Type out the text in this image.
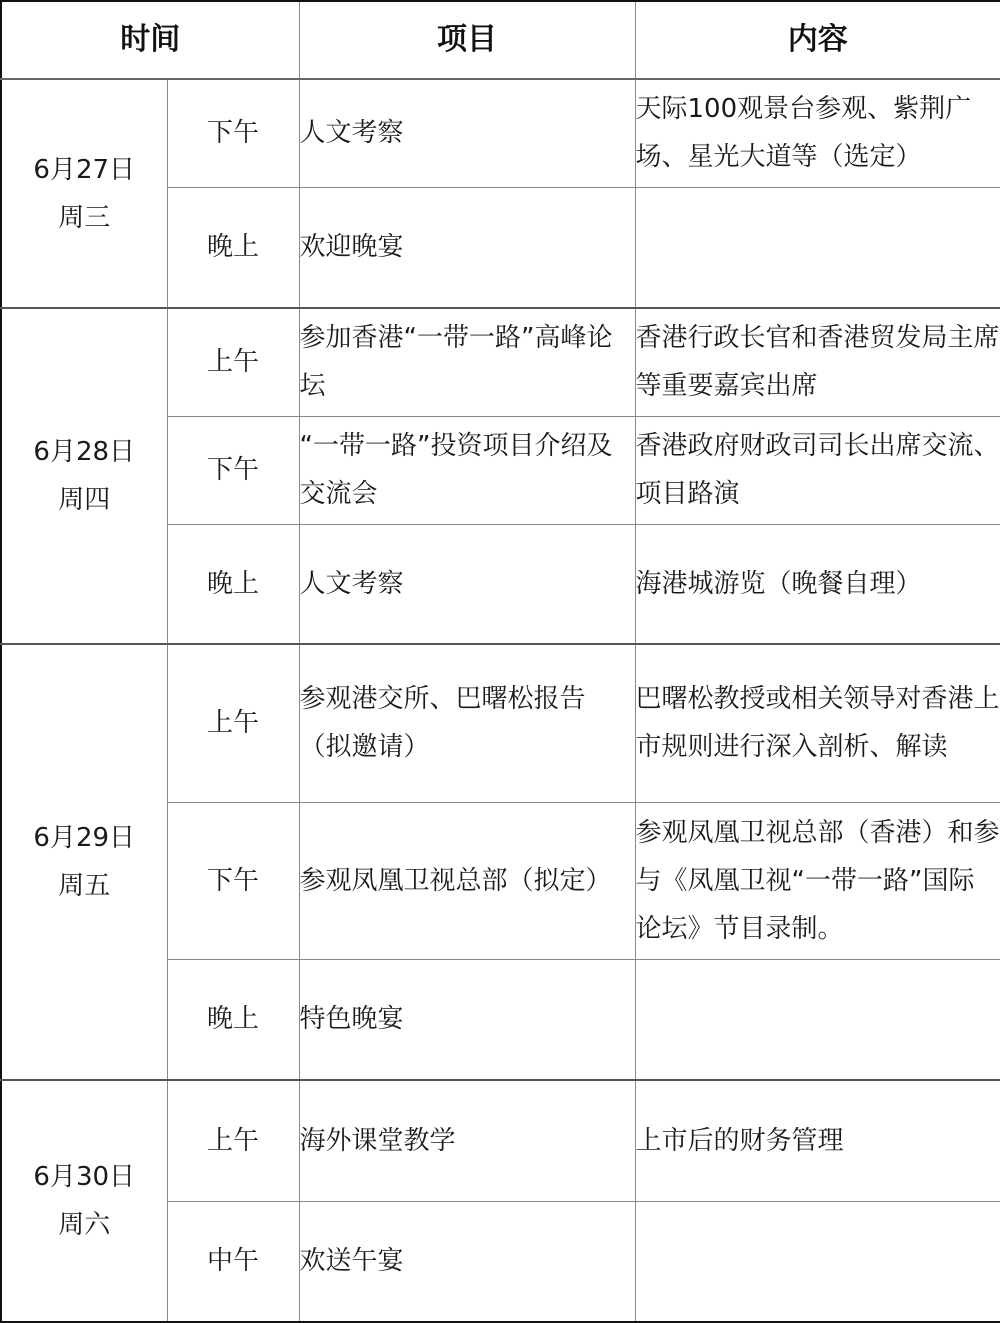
时间		项目	内容

6月27日
周三	下午	人文考察	天际100观景台参观、紫荆广场、星光大道等（选定）
	晚上	欢迎晚宴	

6月28日
周四	上午	参加香港“一带一路”高峰论坛	香港行政长官和香港贸发局主席等重要嘉宾出席
	下午	“一带一路”投资项目介绍及交流会	香港政府财政司司长出席交流、项目路演
	晚上	人文考察	海港城游览（晚餐自理）

6月29日
周五	上午	参观港交所、巴曙松报告（拟邀请）	巴曙松教授或相关领导对香港上市规则进行深入剖析、解读
	下午	参观凤凰卫视总部（拟定）	参观凤凰卫视总部（香港）和参与《凤凰卫视“一带一路”国际论坛》节目录制。
	晚上	特色晚宴	

6月30日
周六	上午	海外课堂教学	上市后的财务管理
	中午	欢送午宴	
